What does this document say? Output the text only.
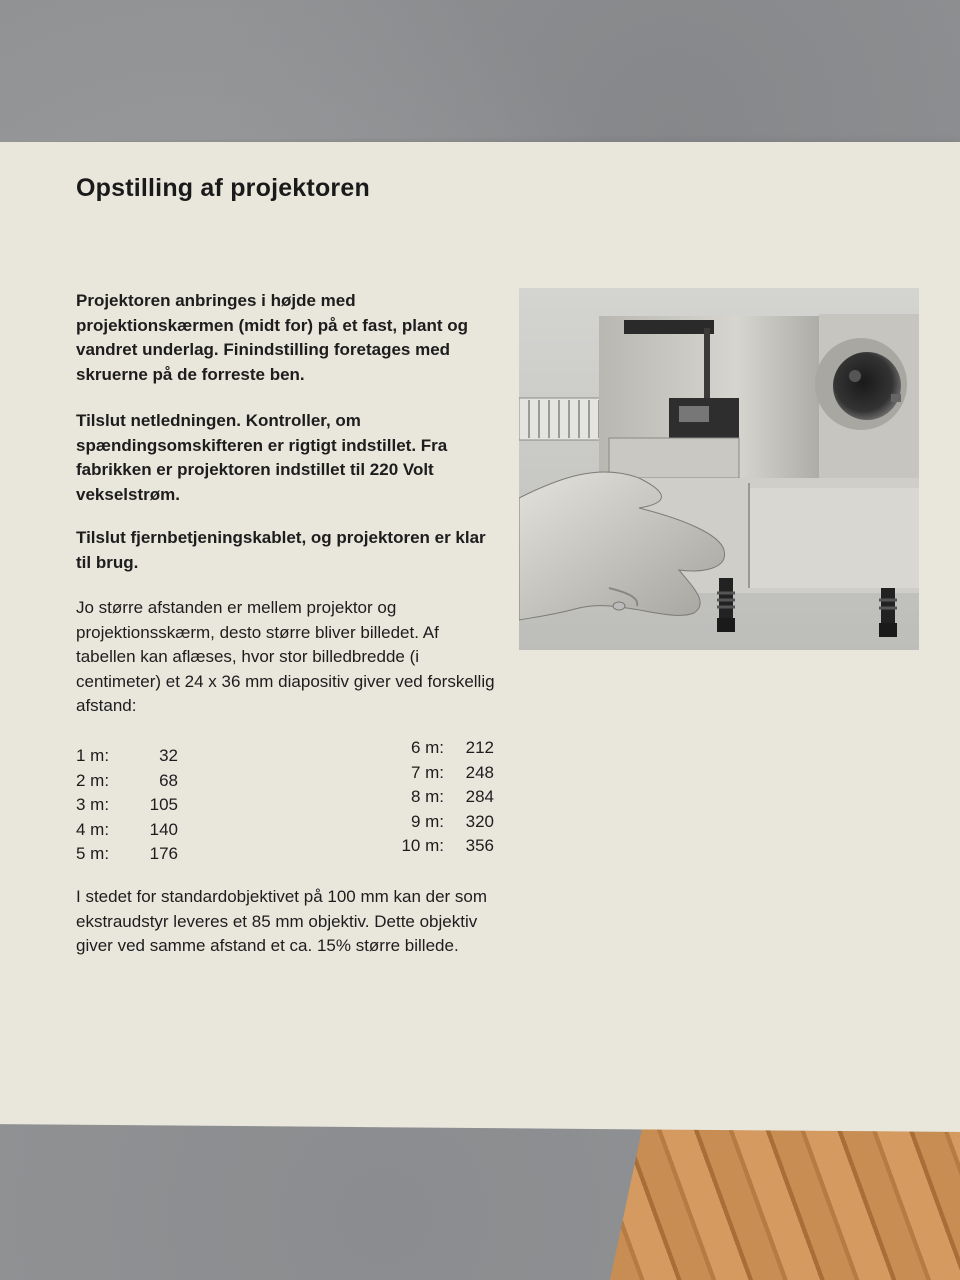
Opstilling af projektoren

Projektoren anbringes i højde med projektionskærmen (midt for) på et fast, plant og vandret underlag. Finindstilling foretages med skruerne på de forreste ben.

Tilslut netledningen. Kontroller, om spændingsomskifteren er rigtigt indstillet. Fra fabrikken er projektoren indstillet til 220 Volt vekselstrøm.

Tilslut fjernbetjeningskablet, og projektoren er klar til brug.

Jo større afstanden er mellem projektor og projektionsskærm, desto større bliver billedet. Af tabellen kan aflæses, hvor stor billedbredde (i centimeter) et 24 x 36 mm diapositiv giver ved forskellig afstand:

1 m:	32
2 m:	68
3 m:	105
4 m:	140
5 m:	176
6 m:	212
7 m:	248
8 m:	284
9 m:	320
10 m:	356

I stedet for standardobjektivet på 100 mm kan der som ekstraudstyr leveres et 85 mm objektiv. Dette objektiv giver ved samme afstand et ca. 15% større billede.
